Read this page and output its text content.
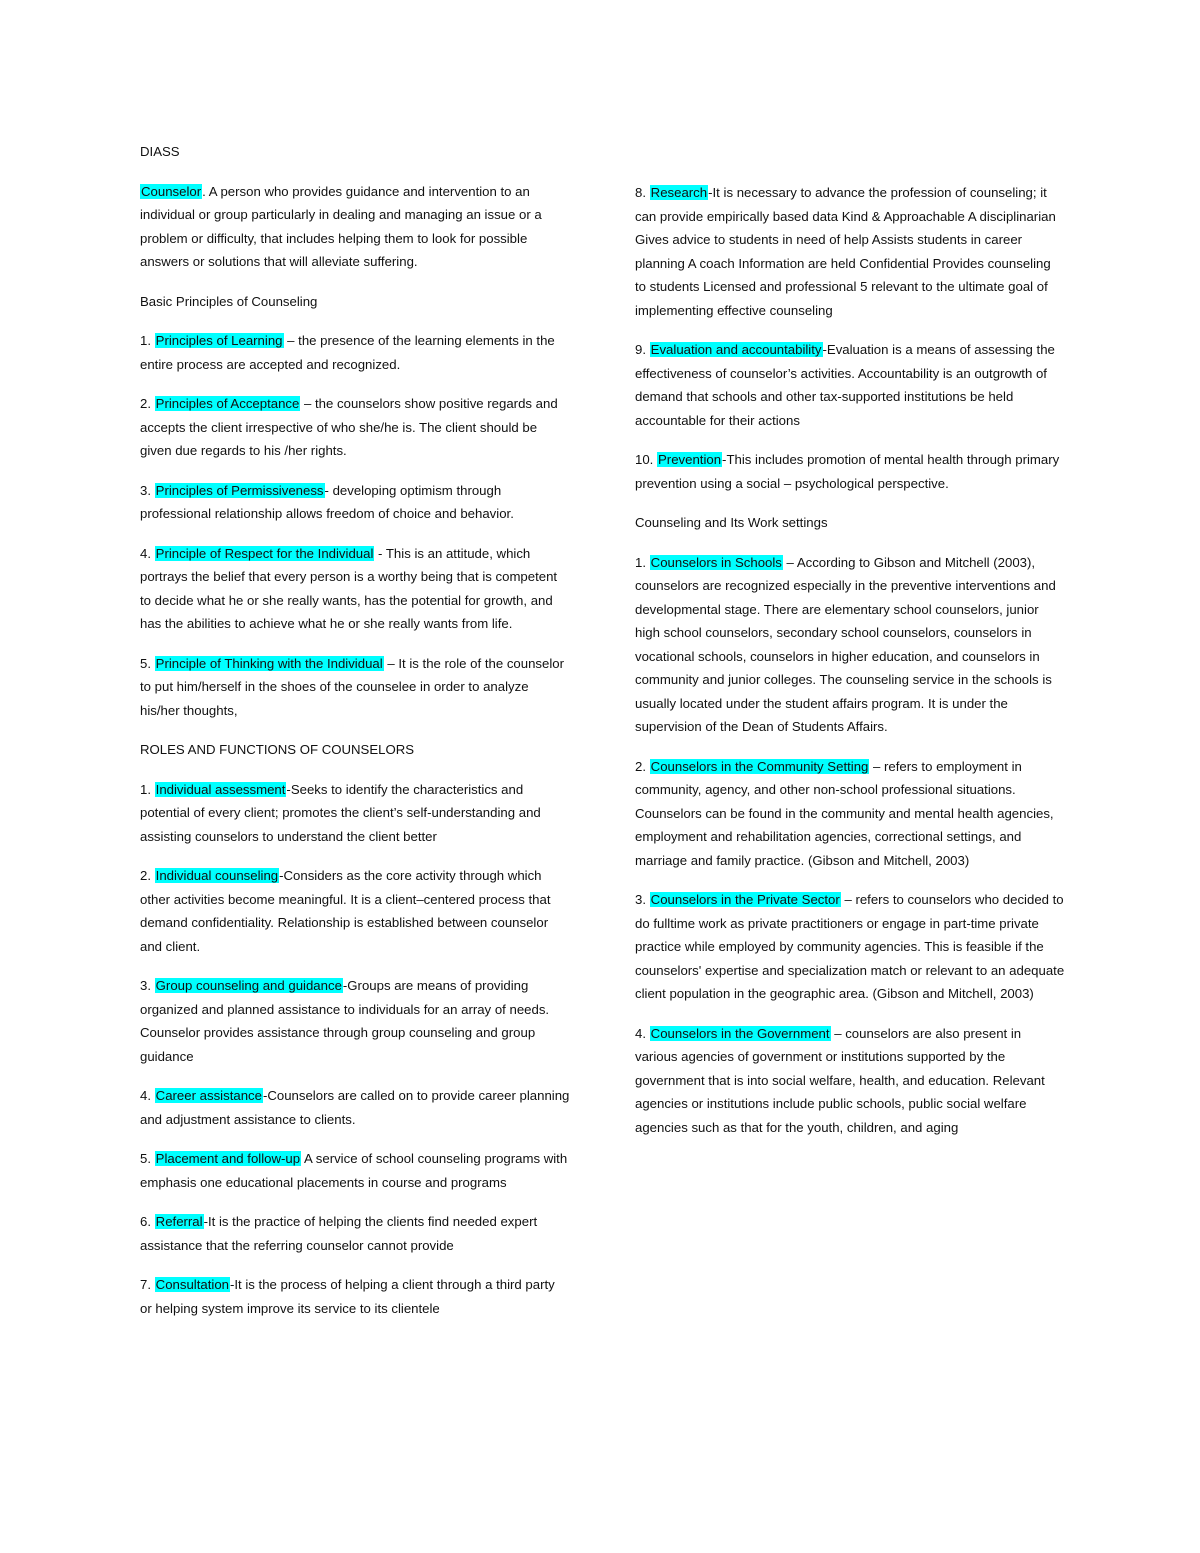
DIASS

Counselor. A person who provides guidance and intervention to an individual or group particularly in dealing and managing an issue or a problem or difficulty, that includes helping them to look for possible answers or solutions that will alleviate suffering.

Basic Principles of Counseling

1. Principles of Learning – the presence of the learning elements in the entire process are accepted and recognized.

2. Principles of Acceptance – the counselors show positive regards and accepts the client irrespective of who she/he is. The client should be given due regards to his /her rights.

3. Principles of Permissiveness- developing optimism through professional relationship allows freedom of choice and behavior.

4. Principle of Respect for the Individual - This is an attitude, which portrays the belief that every person is a worthy being that is competent to decide what he or she really wants, has the potential for growth, and has the abilities to achieve what he or she really wants from life.

5. Principle of Thinking with the Individual – It is the role of the counselor to put him/herself in the shoes of the counselee in order to analyze his/her thoughts,

ROLES AND FUNCTIONS OF COUNSELORS

1. Individual assessment-Seeks to identify the characteristics and potential of every client; promotes the client’s self-understanding and assisting counselors to understand the client better

2. Individual counseling-Considers as the core activity through which other activities become meaningful. It is a client–centered process that demand confidentiality. Relationship is established between counselor and client.

3. Group counseling and guidance-Groups are means of providing organized and planned assistance to individuals for an array of needs. Counselor provides assistance through group counseling and group guidance

4. Career assistance-Counselors are called on to provide career planning and adjustment assistance to clients.

5. Placement and follow-up A service of school counseling programs with emphasis one educational placements in course and programs

6. Referral-It is the practice of helping the clients find needed expert assistance that the referring counselor cannot provide

7. Consultation-It is the process of helping a client through a third party or helping system improve its service to its clientele

8. Research-It is necessary to advance the profession of counseling; it can provide empirically based data Kind & Approachable A disciplinarian Gives advice to students in need of help Assists students in career planning A coach Information are held Confidential Provides counseling to students Licensed and professional 5 relevant to the ultimate goal of implementing effective counseling

9. Evaluation and accountability-Evaluation is a means of assessing the effectiveness of counselor’s activities. Accountability is an outgrowth of demand that schools and other tax-supported institutions be held accountable for their actions

10. Prevention-This includes promotion of mental health through primary prevention using a social – psychological perspective.

Counseling and Its Work settings

1. Counselors in Schools – According to Gibson and Mitchell (2003), counselors are recognized especially in the preventive interventions and developmental stage. There are elementary school counselors, junior high school counselors, secondary school counselors, counselors in vocational schools, counselors in higher education, and counselors in community and junior colleges. The counseling service in the schools is usually located under the student affairs program. It is under the supervision of the Dean of Students Affairs.

2. Counselors in the Community Setting – refers to employment in community, agency, and other non-school professional situations. Counselors can be found in the community and mental health agencies, employment and rehabilitation agencies, correctional settings, and marriage and family practice. (Gibson and Mitchell, 2003)

3. Counselors in the Private Sector – refers to counselors who decided to do fulltime work as private practitioners or engage in part-time private practice while employed by community agencies. This is feasible if the counselors' expertise and specialization match or relevant to an adequate client population in the geographic area. (Gibson and Mitchell, 2003)

4. Counselors in the Government – counselors are also present in various agencies of government or institutions supported by the government that is into social welfare, health, and education. Relevant agencies or institutions include public schools, public social welfare agencies such as that for the youth, children, and aging
